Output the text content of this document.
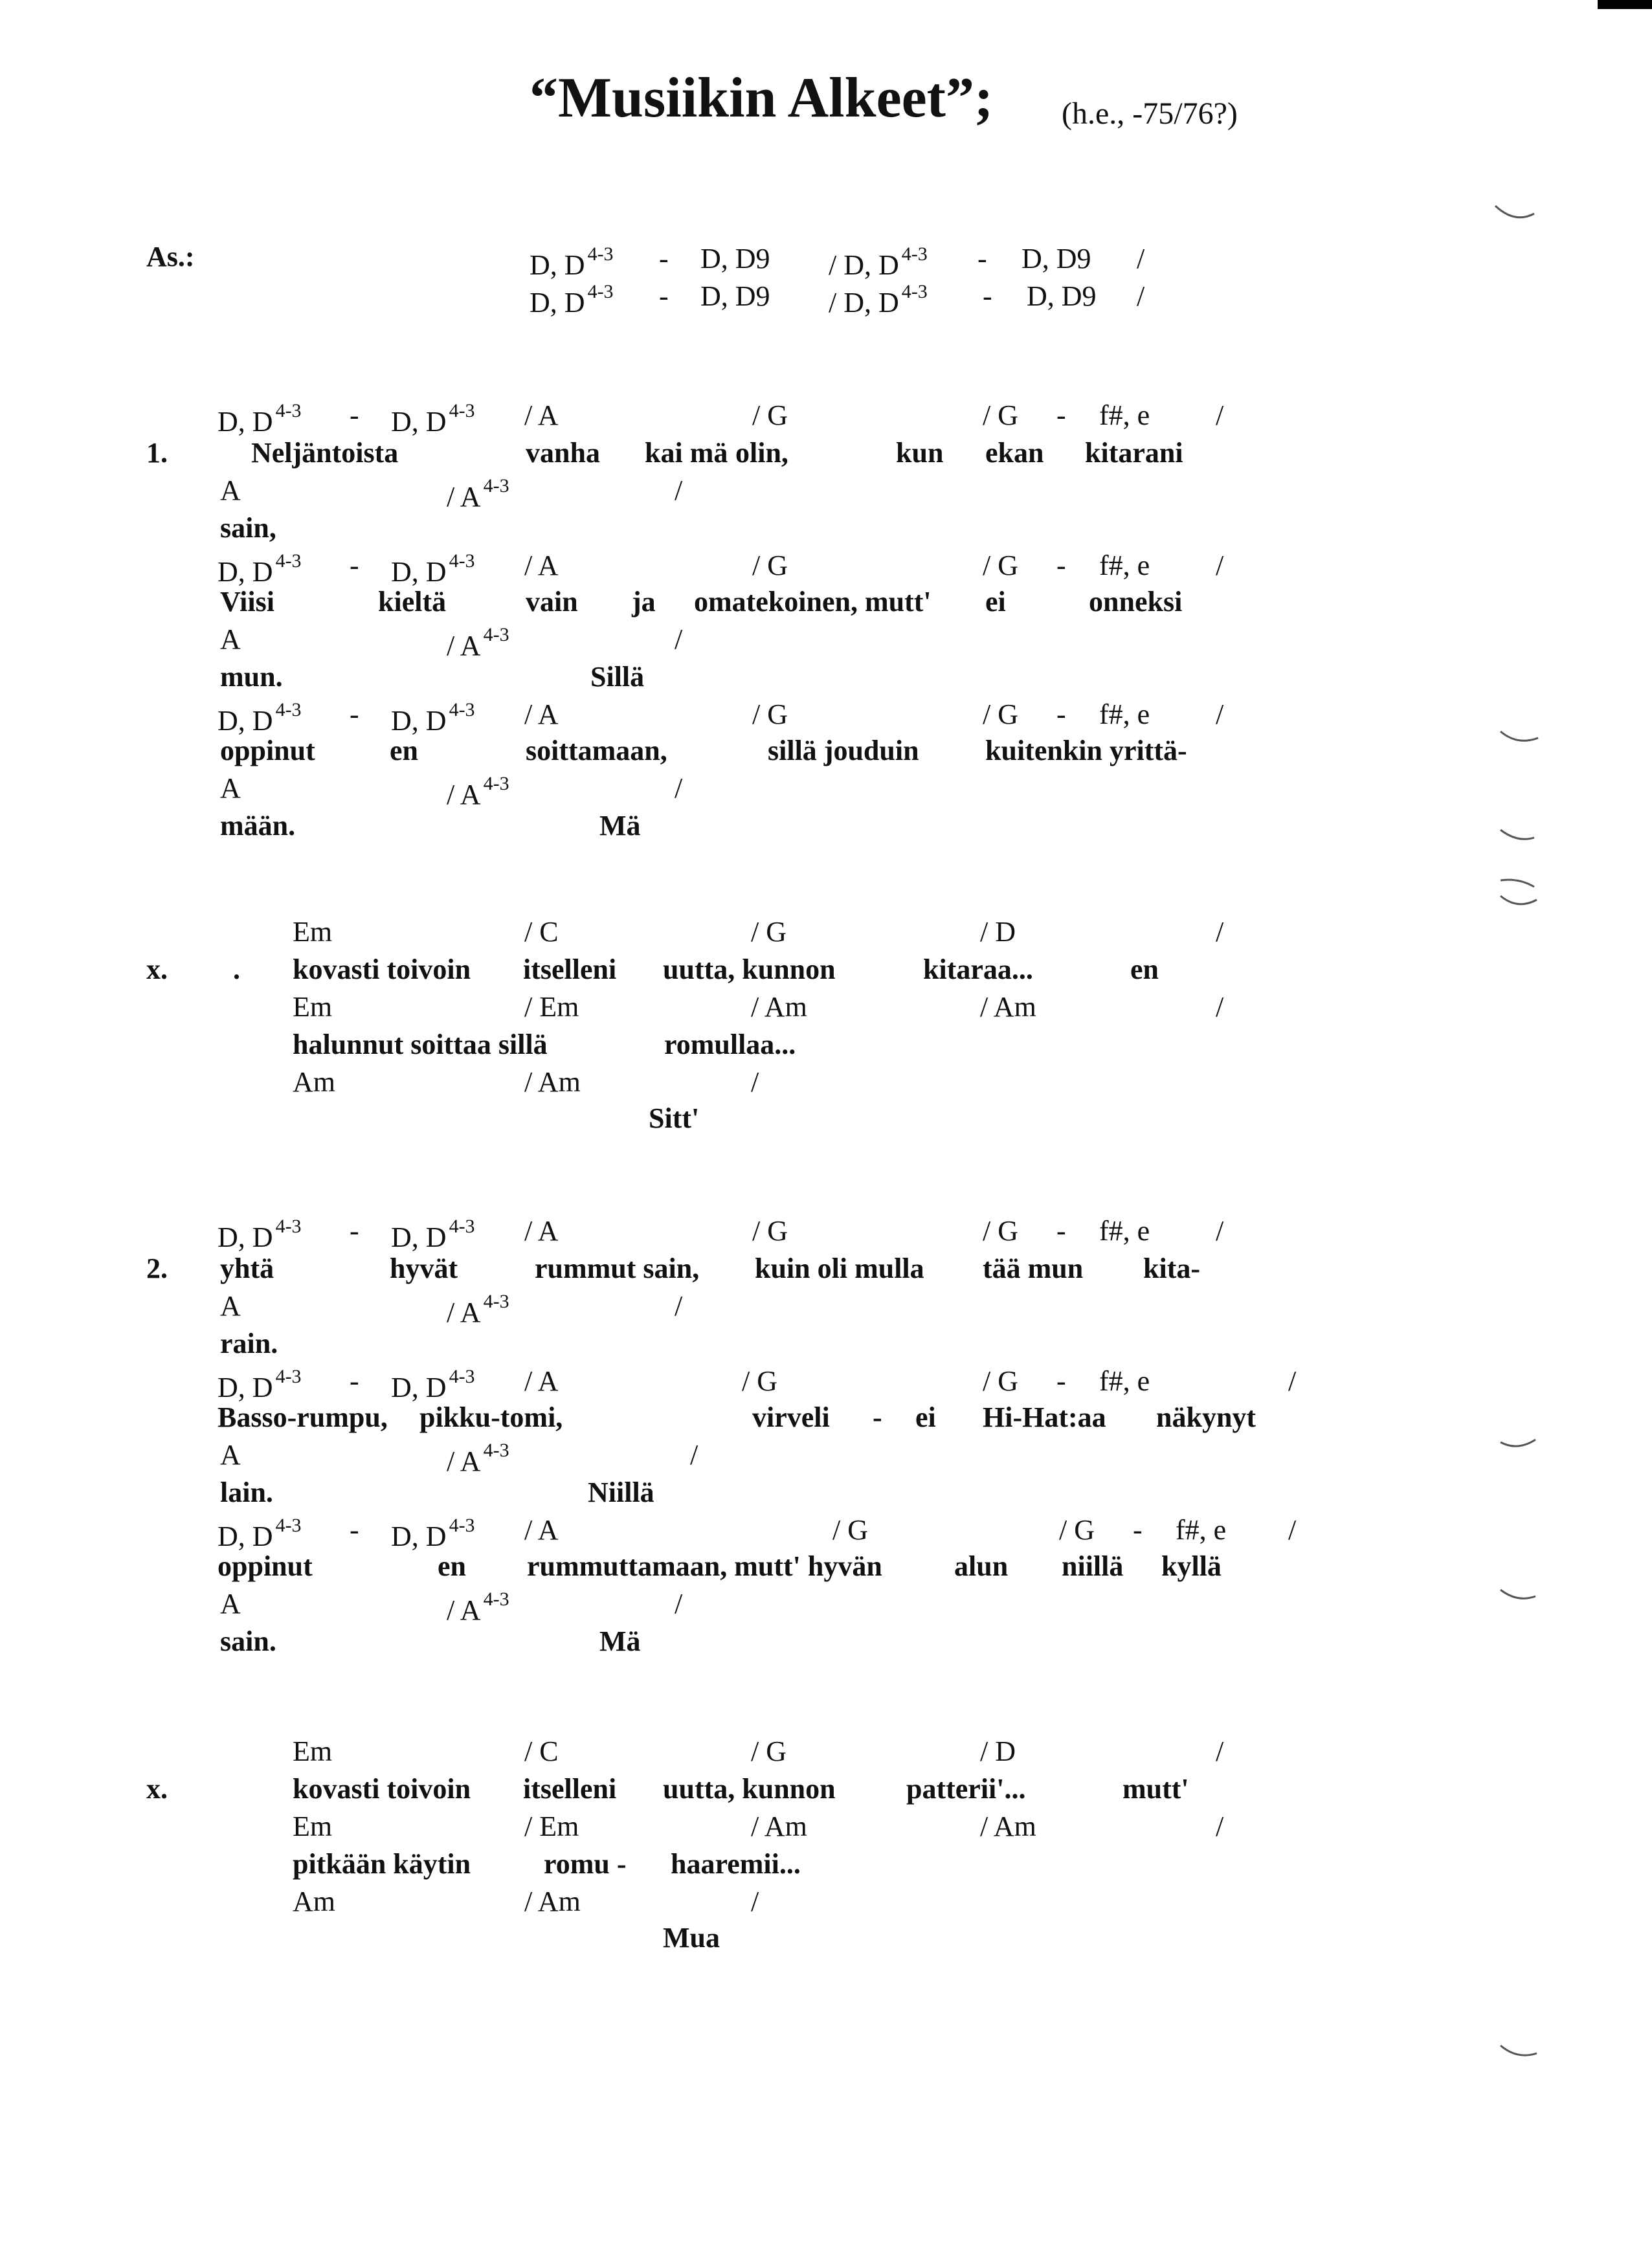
“Musiikin Alkeet”; (h.e., -75/76?)
As.:	D, D $^{4-3}$ - D, D9 / D, D $^{4-3}$ - D, D9 /
D, D $^{4-3}$ - D, D9 / D, D $^{4-3}$ - D, D9 /
D, D $^{4-3}$ - D, D $^{4-3}$ / A	/ G	/ G - f#, e /
1.	Neljäntoista	vanha kai mä olin,	kun ekan kitarani
A	/ A $^{4-3}$	/
sain,
D, D $^{4-3}$ - D, D $^{4-3}$ / A	/ G	/ G - f#, e /
Viisi	kieltä	vain ja omatekoinen, mutt' ei	onneksi
A	/ A $^{4-3}$	/
mun.	Sillä
D, D $^{4-3}$ - D, D $^{4-3}$ / A	/ G	/ G - f#, e /
oppinut	en	soittamaan,	sillä jouduin kuitenkin yrittä-
A	/ A $^{4-3}$	/
mään.	Mä
Em	/ C	/ G	/ D	/
x. . kovasti toivoin itselleni uutta, kunnon	kitaraa...	en
Em	/ Em	/ Am	/ Am	/
halunnut soittaa sillä	romullaa...
Am	/ Am	/
Sitt'
D, D $^{4-3}$ - D, D $^{4-3}$ / A	/ G	/ G - f#, e /
2. yhtä	hyvät	rummut sain, kuin oli mulla tää mun kita-
A	/ A $^{4-3}$	/
rain.
D, D $^{4-3}$ - D, D $^{4-3}$ / A	/ G	/ G - f#, e	/
Basso-rumpu, pikku-tomi,	virveli - ei Hi-Hat:aa näkynyt
A	/ A $^{4-3}$	/
lain.	Niillä
D, D $^{4-3}$ - D, D $^{4-3}$ / A	/ G	/ G - f#, e /
oppinut	en rummuttamaan, mutt' hyvän	alun niillä kyllä
A	/ A $^{4-3}$	/
sain.	Mä
Em	/ C	/ G	/ D	/
x.	kovasti toivoin itselleni uutta, kunnon patterii'...	mutt'
Em	/ Em	/ Am	/ Am	/
pitkään käytin	romu - haaremii...
Am	/ Am	/
Mua
